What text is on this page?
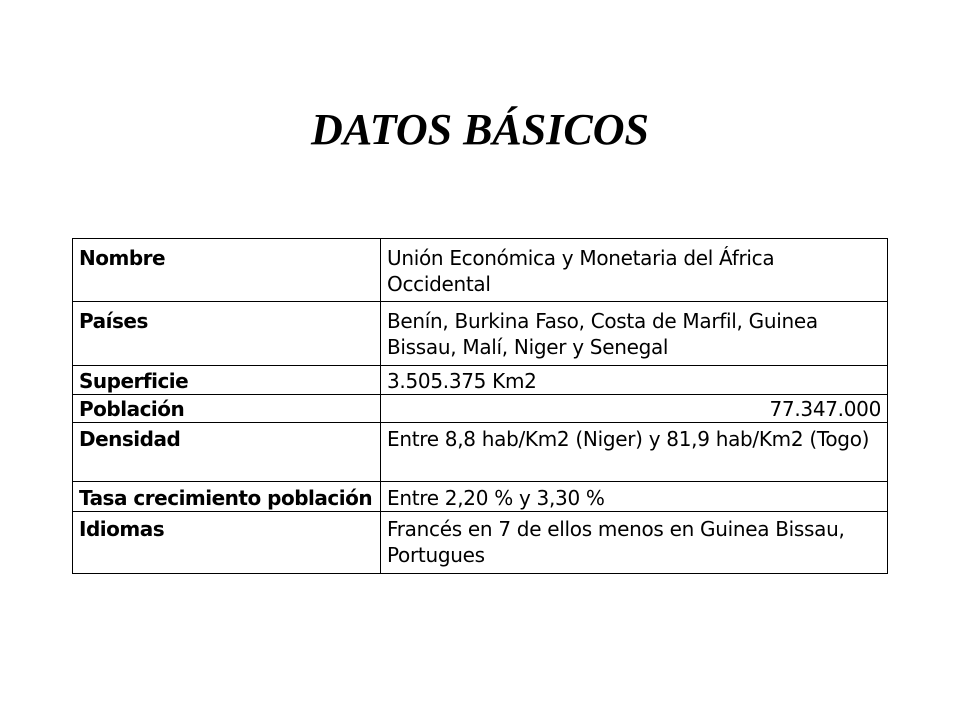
DATOS BÁSICOS
Nombre	Unión Económica y Monetaria del África Occidental
Países	Benín, Burkina Faso, Costa de Marfil, Guinea Bissau, Malí, Niger y Senegal
Superficie	3.505.375 Km2
Población	77.347.000
Densidad	Entre 8,8 hab/Km2 (Niger) y 81,9 hab/Km2 (Togo)
Tasa crecimiento población	Entre 2,20 % y 3,30 %
Idiomas	Francés en 7 de ellos menos en Guinea Bissau, Portugues
